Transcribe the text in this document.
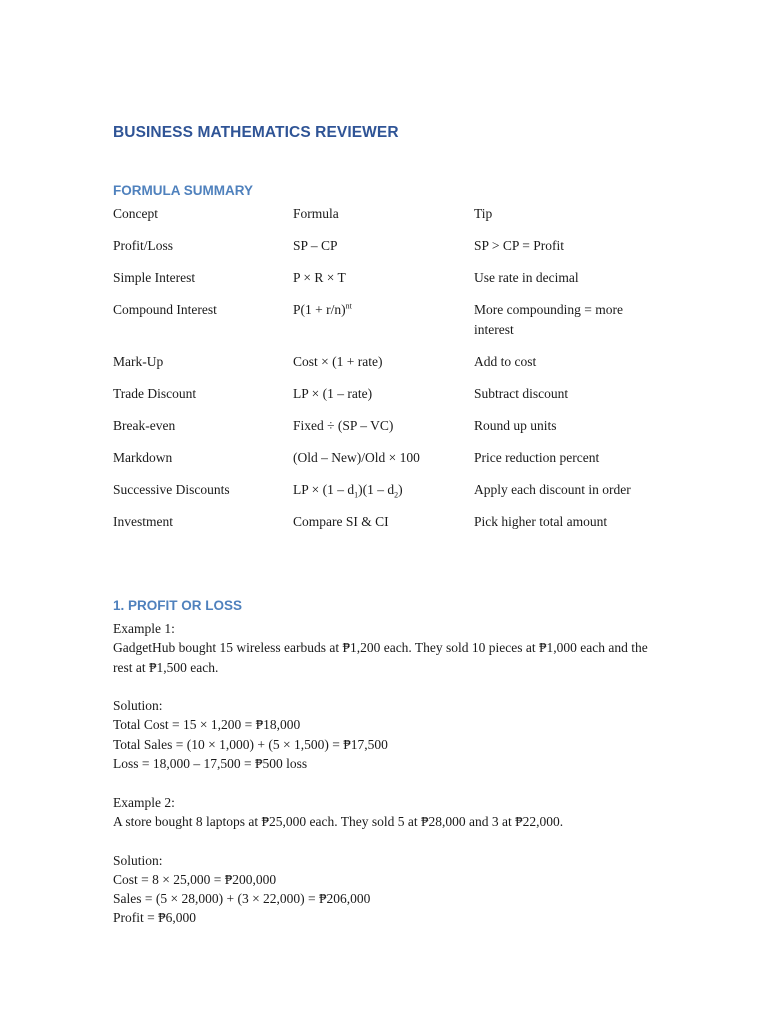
BUSINESS MATHEMATICS REVIEWER
FORMULA SUMMARY
Concept	Formula	Tip
Profit/Loss	SP – CP	SP > CP = Profit
Simple Interest	P × R × T	Use rate in decimal
Compound Interest	$P(1 + r/n)^{nt}$	More compounding = more interest
Mark-Up	Cost × (1 + rate)	Add to cost
Trade Discount	LP × (1 – rate)	Subtract discount
Break-even	Fixed ÷ (SP – VC)	Round up units
Markdown	(Old – New)/Old × 100	Price reduction percent
Successive Discounts	LP × $(1 - d_1)(1 - d_2)$	Apply each discount in order
Investment	Compare SI & CI	Pick higher total amount
1. PROFIT OR LOSS

Example 1:

GadgetHub bought 15 wireless earbuds at ₱1,200 each. They sold 10 pieces at ₱1,000 each and the rest at ₱1,500 each.

Solution:

Total Cost = 15 × 1,200 = ₱18,000

Total Sales = (10 × 1,000) + (5 × 1,500) = ₱17,500

Loss = 18,000 – 17,500 = ₱500 loss

Example 2:

A store bought 8 laptops at ₱25,000 each. They sold 5 at ₱28,000 and 3 at ₱22,000.

Solution:

Cost = 8 × 25,000 = ₱200,000

Sales = (5 × 28,000) + (3 × 22,000) = ₱206,000

Profit = ₱6,000
